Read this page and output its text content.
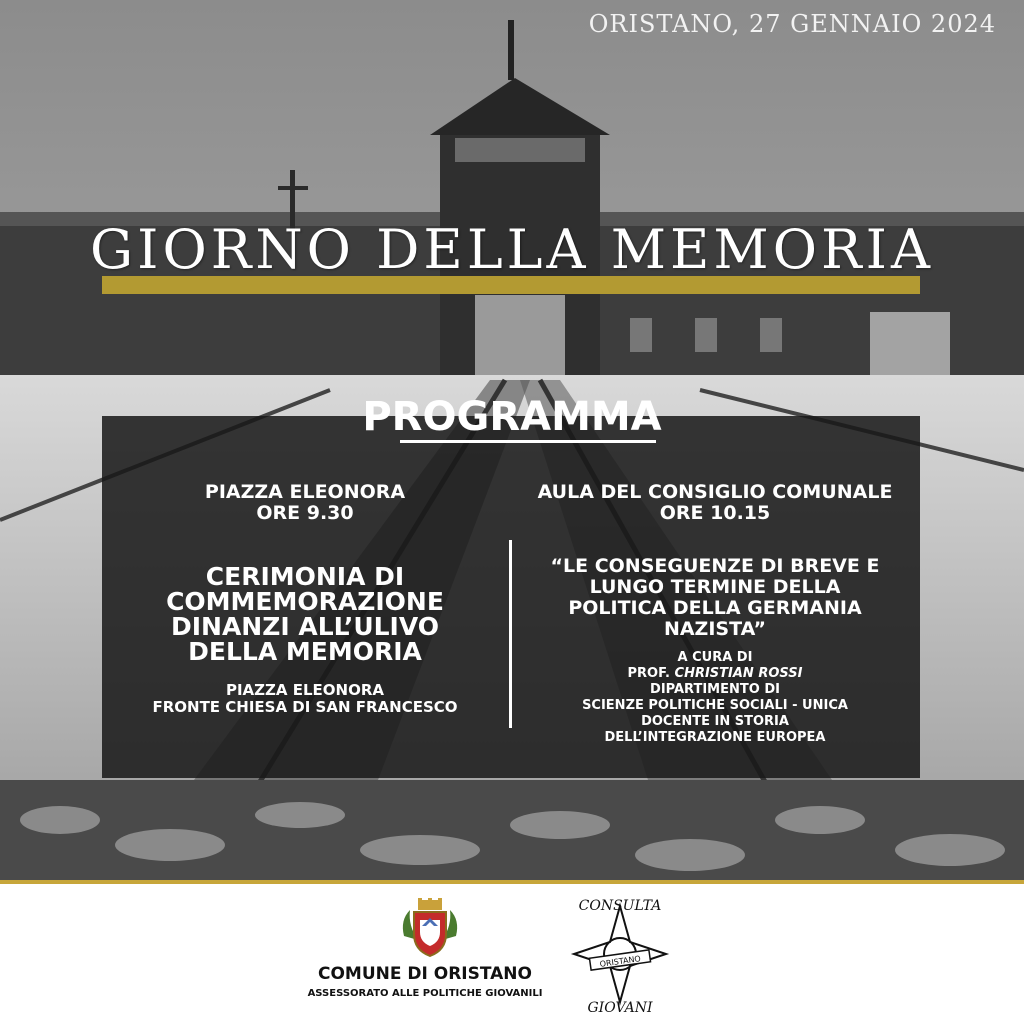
ORISTANO, 27 GENNAIO 2024
GIORNO DELLA MEMORIA
PROGRAMMA
PIAZZA ELEONORA
ORE 9.30
CERIMONIA DI
COMMEMORAZIONE
DINANZI ALL’ULIVO
DELLA MEMORIA
PIAZZA ELEONORA
FRONTE CHIESA DI SAN FRANCESCO
AULA DEL CONSIGLIO COMUNALE
ORE 10.15
“LE CONSEGUENZE DI BREVE E
LUNGO TERMINE DELLA
POLITICA DELLA GERMANIA
NAZISTA”
A CURA DI
PROF. CHRISTIAN ROSSI
DIPARTIMENTO DI
SCIENZE POLITICHE SOCIALI - UNICA
DOCENTE IN STORIA
DELL’INTEGRAZIONE EUROPEA
COMUNE DI ORISTANO
ASSESSORATO ALLE POLITICHE GIOVANILI
ORISTANO
CONSULTA
GIOVANI
